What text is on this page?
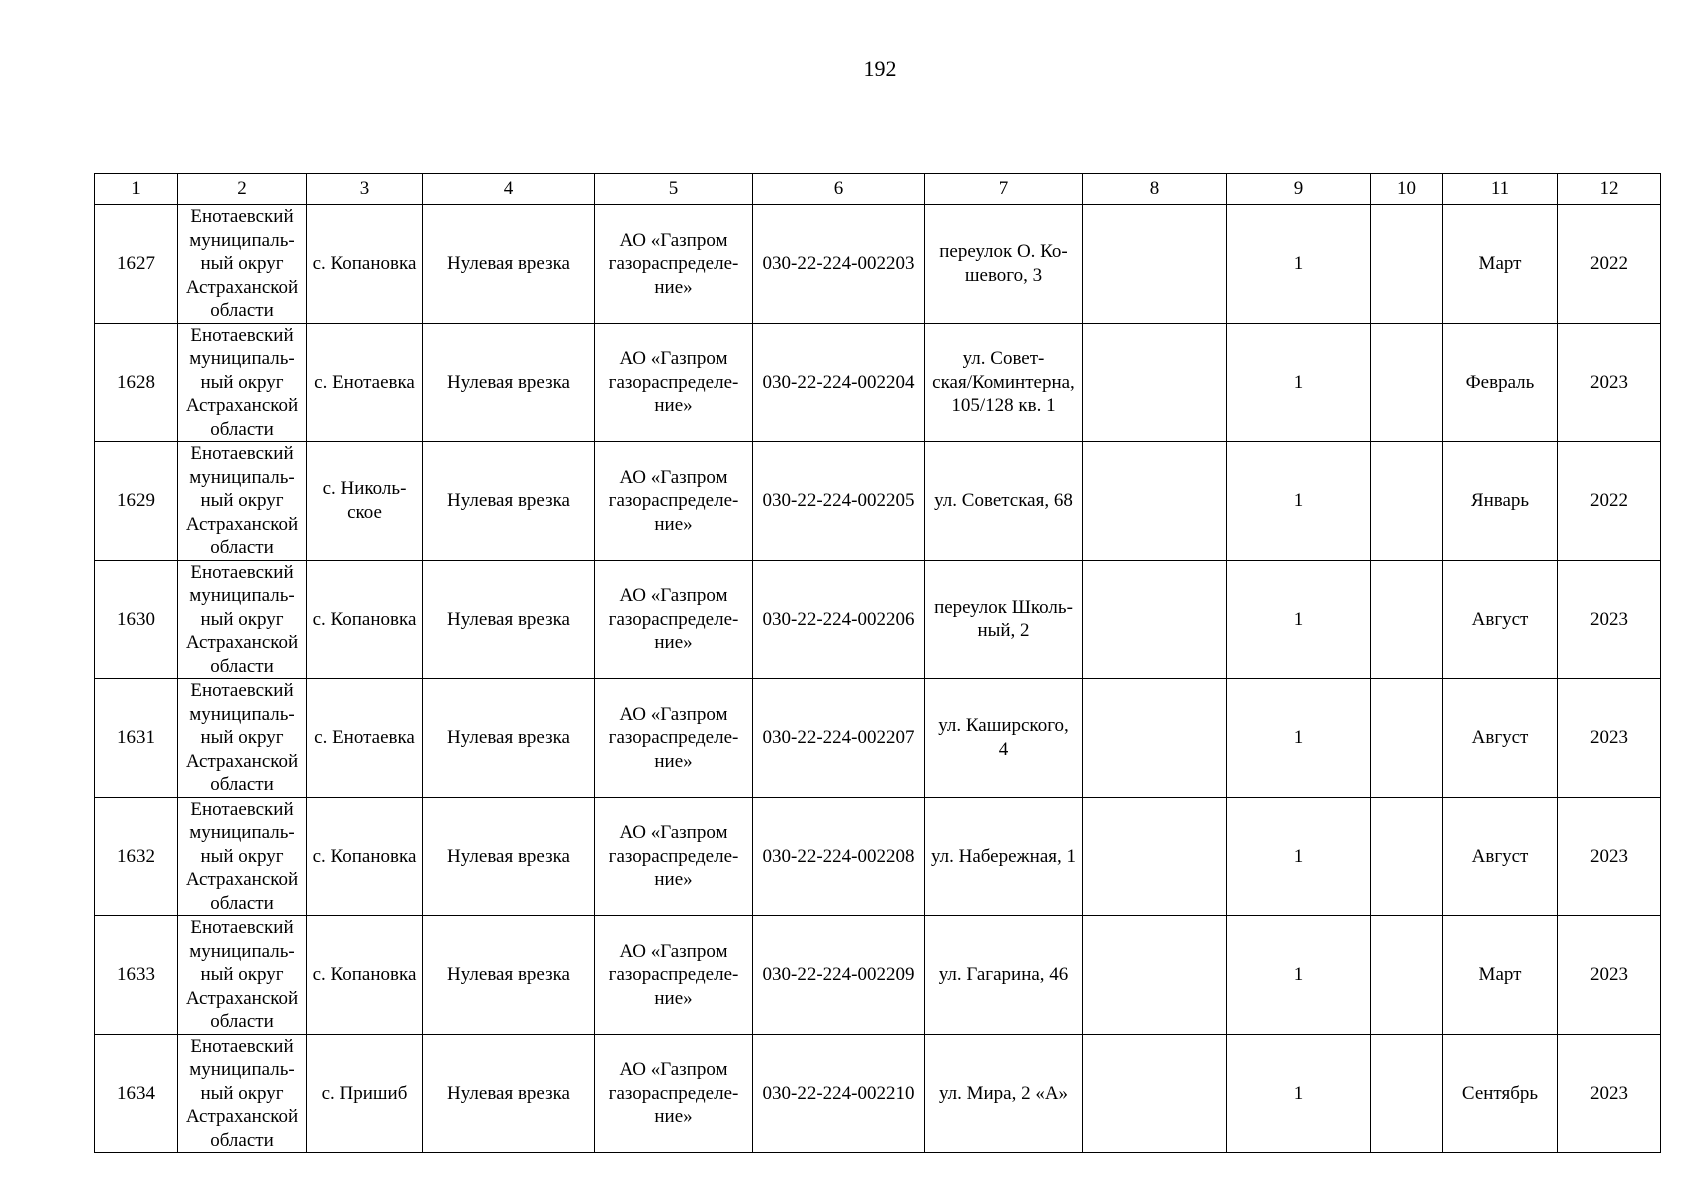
192
1	2	3	4	5	6	7	8	9	10	11	12
1627	Енотаевский
муниципаль-
ный округ
Астраханской
области	с. Копановка	Нулевая врезка	АО «Газпром
газораспределе-
ние»	030-22-224-002203	переулок О. Ко-
шевого, 3		1		Март	2022
1628	Енотаевский
муниципаль-
ный округ
Астраханской
области	с. Енотаевка	Нулевая врезка	АО «Газпром
газораспределе-
ние»	030-22-224-002204	ул. Совет-
ская/Коминтерна,
105/128 кв. 1		1		Февраль	2023
1629	Енотаевский
муниципаль-
ный округ
Астраханской
области	с. Николь-
ское	Нулевая врезка	АО «Газпром
газораспределе-
ние»	030-22-224-002205	ул. Советская, 68		1		Январь	2022
1630	Енотаевский
муниципаль-
ный округ
Астраханской
области	с. Копановка	Нулевая врезка	АО «Газпром
газораспределе-
ние»	030-22-224-002206	переулок Школь-
ный, 2		1		Август	2023
1631	Енотаевский
муниципаль-
ный округ
Астраханской
области	с. Енотаевка	Нулевая врезка	АО «Газпром
газораспределе-
ние»	030-22-224-002207	ул. Каширского,
4		1		Август	2023
1632	Енотаевский
муниципаль-
ный округ
Астраханской
области	с. Копановка	Нулевая врезка	АО «Газпром
газораспределе-
ние»	030-22-224-002208	ул. Набережная, 1		1		Август	2023
1633	Енотаевский
муниципаль-
ный округ
Астраханской
области	с. Копановка	Нулевая врезка	АО «Газпром
газораспределе-
ние»	030-22-224-002209	ул. Гагарина, 46		1		Март	2023
1634	Енотаевский
муниципаль-
ный округ
Астраханской
области	с. Пришиб	Нулевая врезка	АО «Газпром
газораспределе-
ние»	030-22-224-002210	ул. Мира, 2 «А»		1		Сентябрь	2023
